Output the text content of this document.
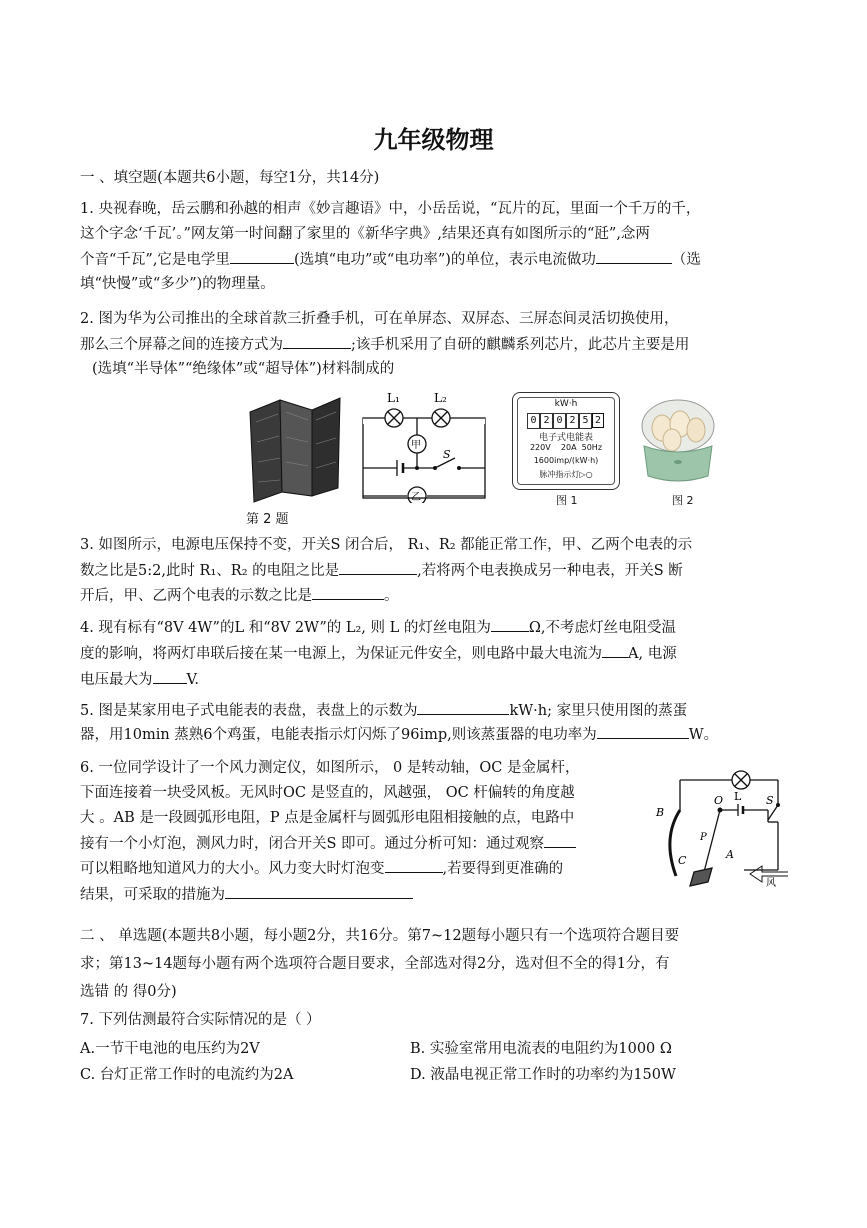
九年级物理
一 、填空题(本题共6小题，每空1分，共14分)
1. 央视春晚，岳云鹏和孙越的相声《妙言趣语》中，小岳岳说，“瓦片的瓦，里面一个千万的千，
这个字念‘千瓦’。”网友第一时间翻了家里的《新华字典》,结果还真有如图所示的“瓩”,念两
个音“千瓦”,它是电学里	(选填“电功”或“电功率”)的单位，表示电流做功	（选
填“快慢”或“多少”)的物理量。
2. 图为华为公司推出的全球首款三折叠手机，可在单屏态、双屏态、三屏态间灵活切换使用，
那么三个屏幕之间的连接方式为	;该手机采用了自研的麒麟系列芯片，此芯片主要是用
(选填“半导体”“绝缘体”或“超导体”)材料制成的
L₁	L₂
甲
乙
S
第 2 题
kW·h
0 2 0 2 5 2
电子式电能表
220V    20A  50Hz
1600imp/(kW·h)
脉冲指示灯▷○
图 1	图 2
3. 如图所示，电源电压保持不变，开关S 闭合后， R₁、R₂ 都能正常工作，甲、乙两个电表的示
数之比是5:2,此时 R₁、R₂ 的电阻之比是	,若将两个电表换成另一种电表，开关S 断
开后，甲、乙两个电表的示数之比是	。
4. 现有标有“8V 4W”的L 和“8V 2W”的 L₂, 则 L 的灯丝电阻为	Ω,不考虑灯丝电阻受温
度的影响，将两灯串联后接在某一电源上，为保证元件安全，则电路中最大电流为 A, 电源
电压最大为 V.
5. 图是某家用电子式电能表的表盘，表盘上的示数为	kW·h; 家里只使用图的蒸蛋
器，用10min 蒸熟6个鸡蛋，电能表指示灯闪烁了96imp,则该蒸蛋器的电功率为	W。
6. 一位同学设计了一个风力测定仪，如图所示， 0 是转动轴，OC 是金属杆，
下面连接着一块受风板。无风时OC 是竖直的，风越强， OC 杆偏转的角度越
大 。AB 是一段圆弧形电阻，P 点是金属杆与圆弧形电阻相接触的点，电路中
接有一个小灯泡，测风力时，闭合开关S 即可。通过分析可知：通过观察
可以粗略地知道风力的大小。风力变大时灯泡变	,若要得到更准确的
结果，可采取的措施为
L
O	S
B
P
C	A
风
二 、 单选题(本题共8小题，每小题2分，共16分。第7~12题每小题只有一个选项符合题目要
求；第13~14题每小题有两个选项符合题目要求，全部选对得2分，选对但不全的得1分，有
选错 的 得0分)
7. 下列估测最符合实际情况的是（ ）
A.一节干电池的电压约为2V	B. 实验室常用电流表的电阻约为1000 Ω
C. 台灯正常工作时的电流约为2A	D. 液晶电视正常工作时的功率约为150W
